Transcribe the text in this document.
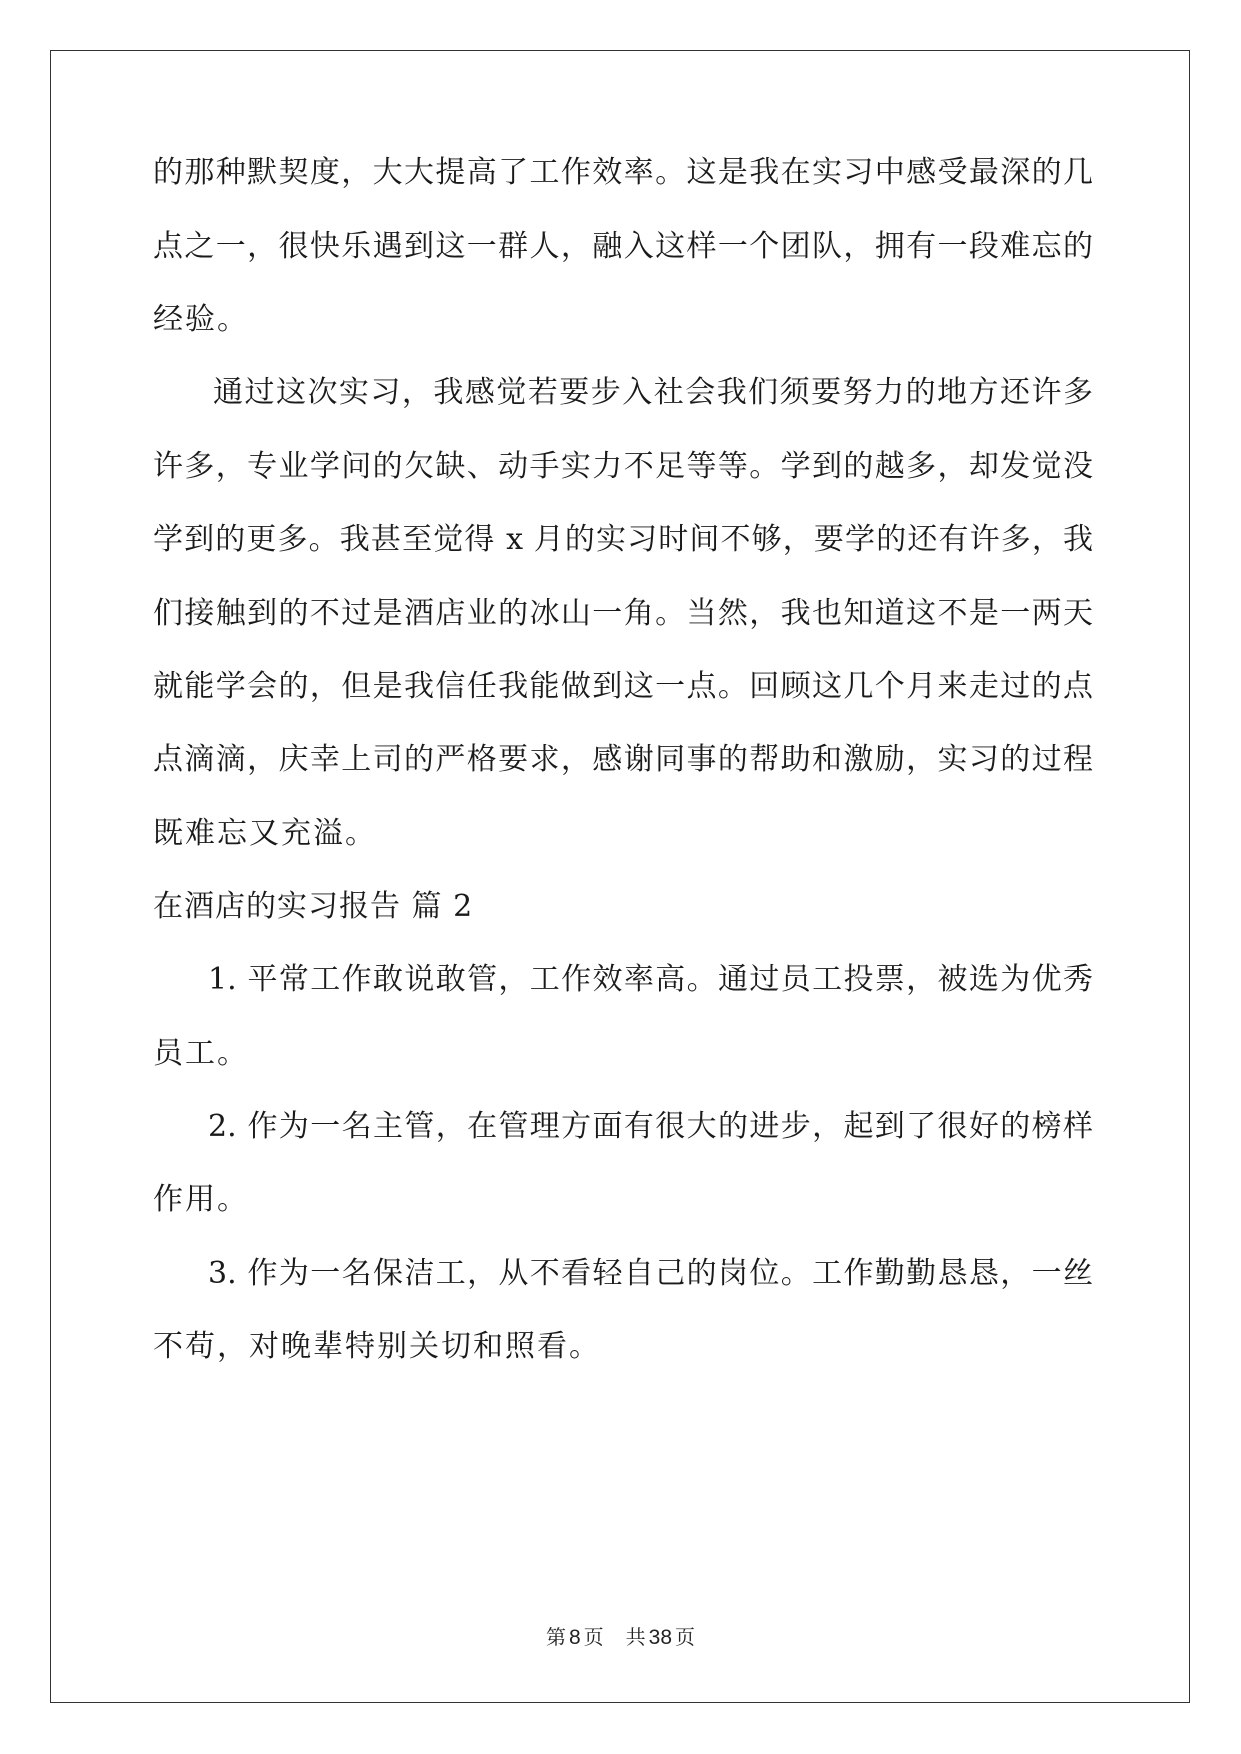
的那种默契度，大大提高了工作效率。这是我在实习中感受最深的几
点之一，很快乐遇到这一群人，融入这样一个团队，拥有一段难忘的
经验。
通过这次实习，我感觉若要步入社会我们须要努力的地方还许多
许多，专业学问的欠缺、动手实力不足等等。学到的越多，却发觉没
学到的更多。我甚至觉得 x 月的实习时间不够，要学的还有许多，我
们接触到的不过是酒店业的冰山一角。当然，我也知道这不是一两天
就能学会的，但是我信任我能做到这一点。回顾这几个月来走过的点
点滴滴，庆幸上司的严格要求，感谢同事的帮助和激励，实习的过程
既难忘又充溢。
在酒店的实习报告 篇 2
1. 平常工作敢说敢管，工作效率高。通过员工投票，被选为优秀
员工。
2. 作为一名主管，在管理方面有很大的进步，起到了很好的榜样
作用。
3. 作为一名保洁工，从不看轻自己的岗位。工作勤勤恳恳，一丝
不苟，对晚辈特别关切和照看。
第 8 页 共 38 页
